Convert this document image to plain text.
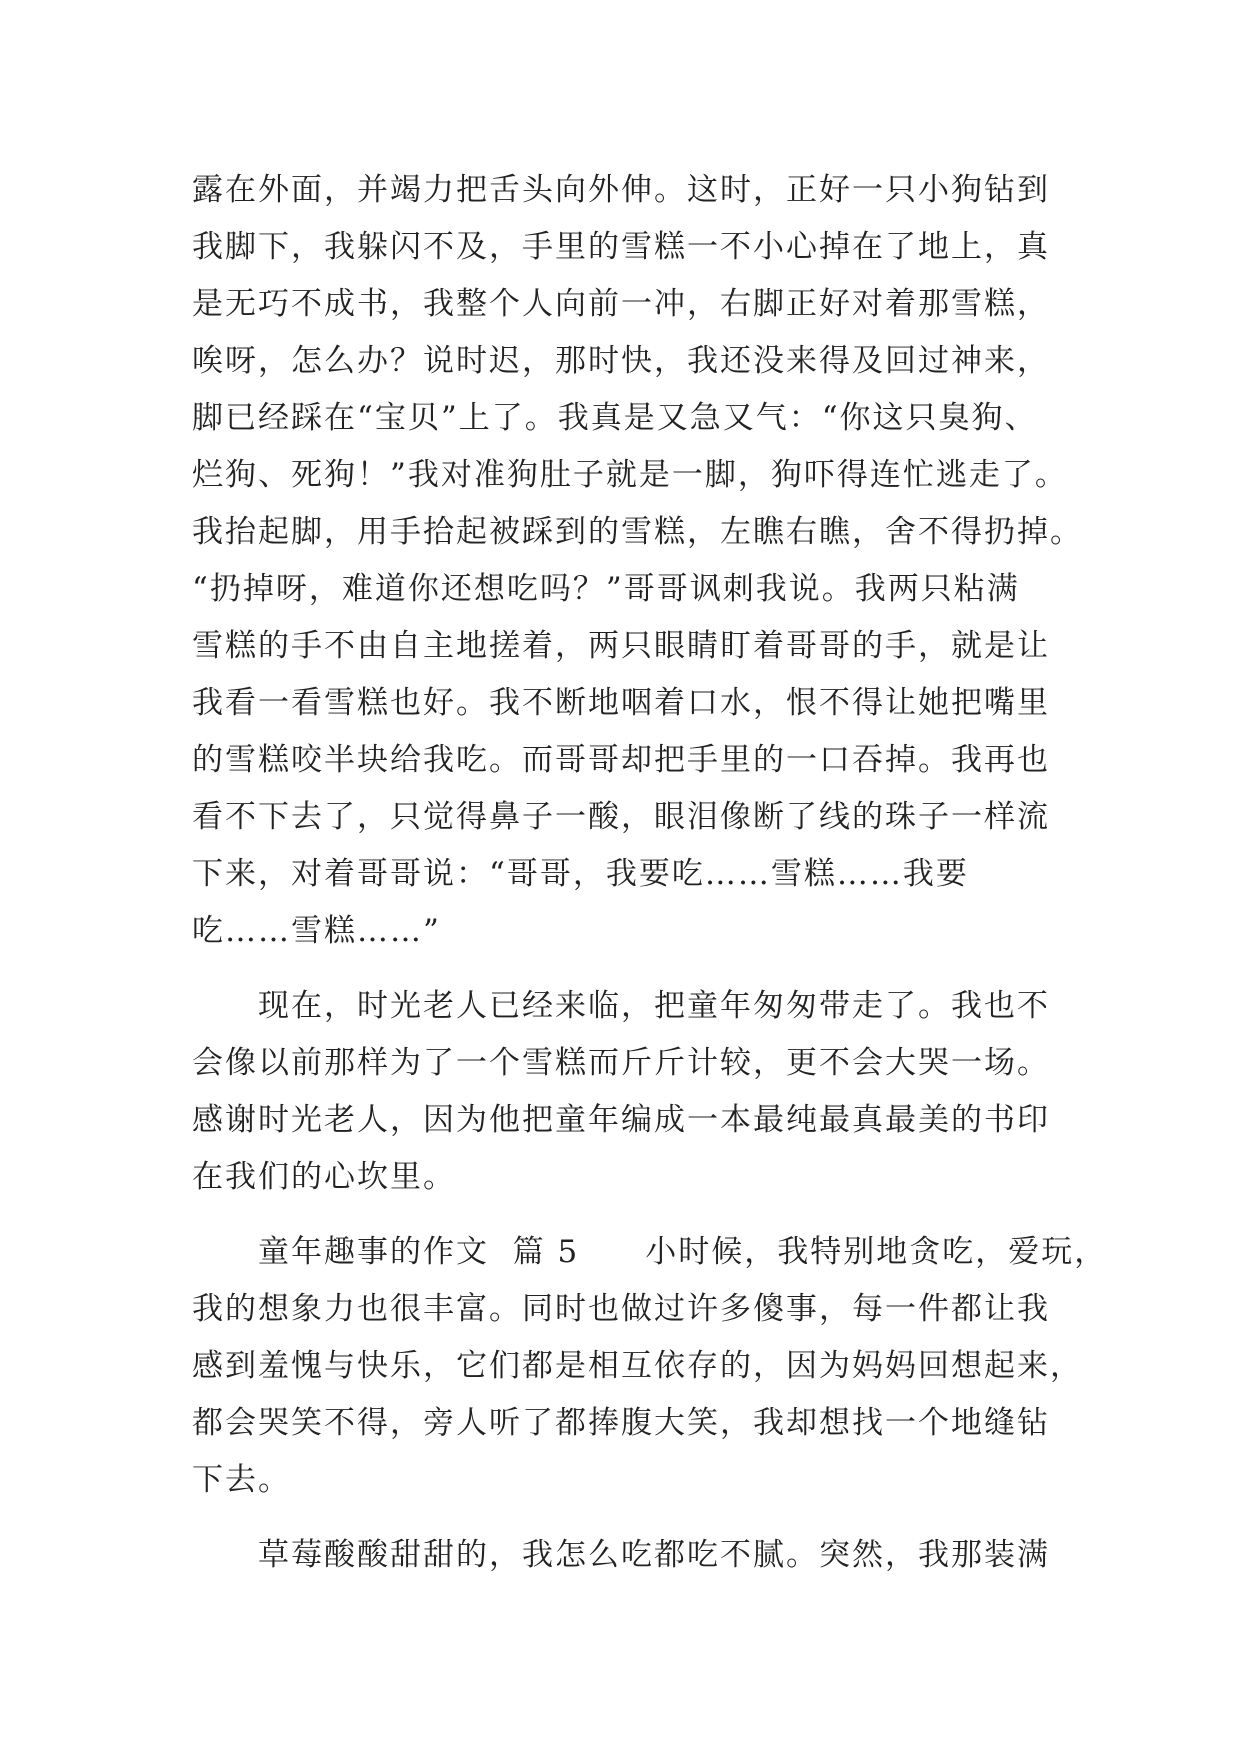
露在外面，并竭力把舌头向外伸。这时，正好一只小狗钻到
我脚下，我躲闪不及，手里的雪糕一不小心掉在了地上，真
是无巧不成书，我整个人向前一冲，右脚正好对着那雪糕，
唉呀，怎么办？说时迟，那时快，我还没来得及回过神来，
脚已经踩在“宝贝”上了。我真是又急又气：“你这只臭狗、
烂狗、死狗！”我对准狗肚子就是一脚，狗吓得连忙逃走了。
我抬起脚，用手拾起被踩到的雪糕，左瞧右瞧，舍不得扔掉。
“扔掉呀，难道你还想吃吗？”哥哥讽刺我说。我两只粘满
雪糕的手不由自主地搓着，两只眼睛盯着哥哥的手，就是让
我看一看雪糕也好。我不断地咽着口水，恨不得让她把嘴里
的雪糕咬半块给我吃。而哥哥却把手里的一口吞掉。我再也
看不下去了，只觉得鼻子一酸，眼泪像断了线的珠子一样流
下来，对着哥哥说：“哥哥，我要吃……雪糕……我要
吃……雪糕……”
　　现在，时光老人已经来临，把童年匆匆带走了。我也不
会像以前那样为了一个雪糕而斤斤计较，更不会大哭一场。
感谢时光老人，因为他把童年编成一本最纯最真最美的书印
在我们的心坎里。
　　童年趣事的作文  篇 5　　小时候，我特别地贪吃，爱玩，
我的想象力也很丰富。同时也做过许多傻事，每一件都让我
感到羞愧与快乐，它们都是相互依存的，因为妈妈回想起来，
都会哭笑不得，旁人听了都捧腹大笑，我却想找一个地缝钻
下去。
　　草莓酸酸甜甜的，我怎么吃都吃不腻。突然，我那装满
